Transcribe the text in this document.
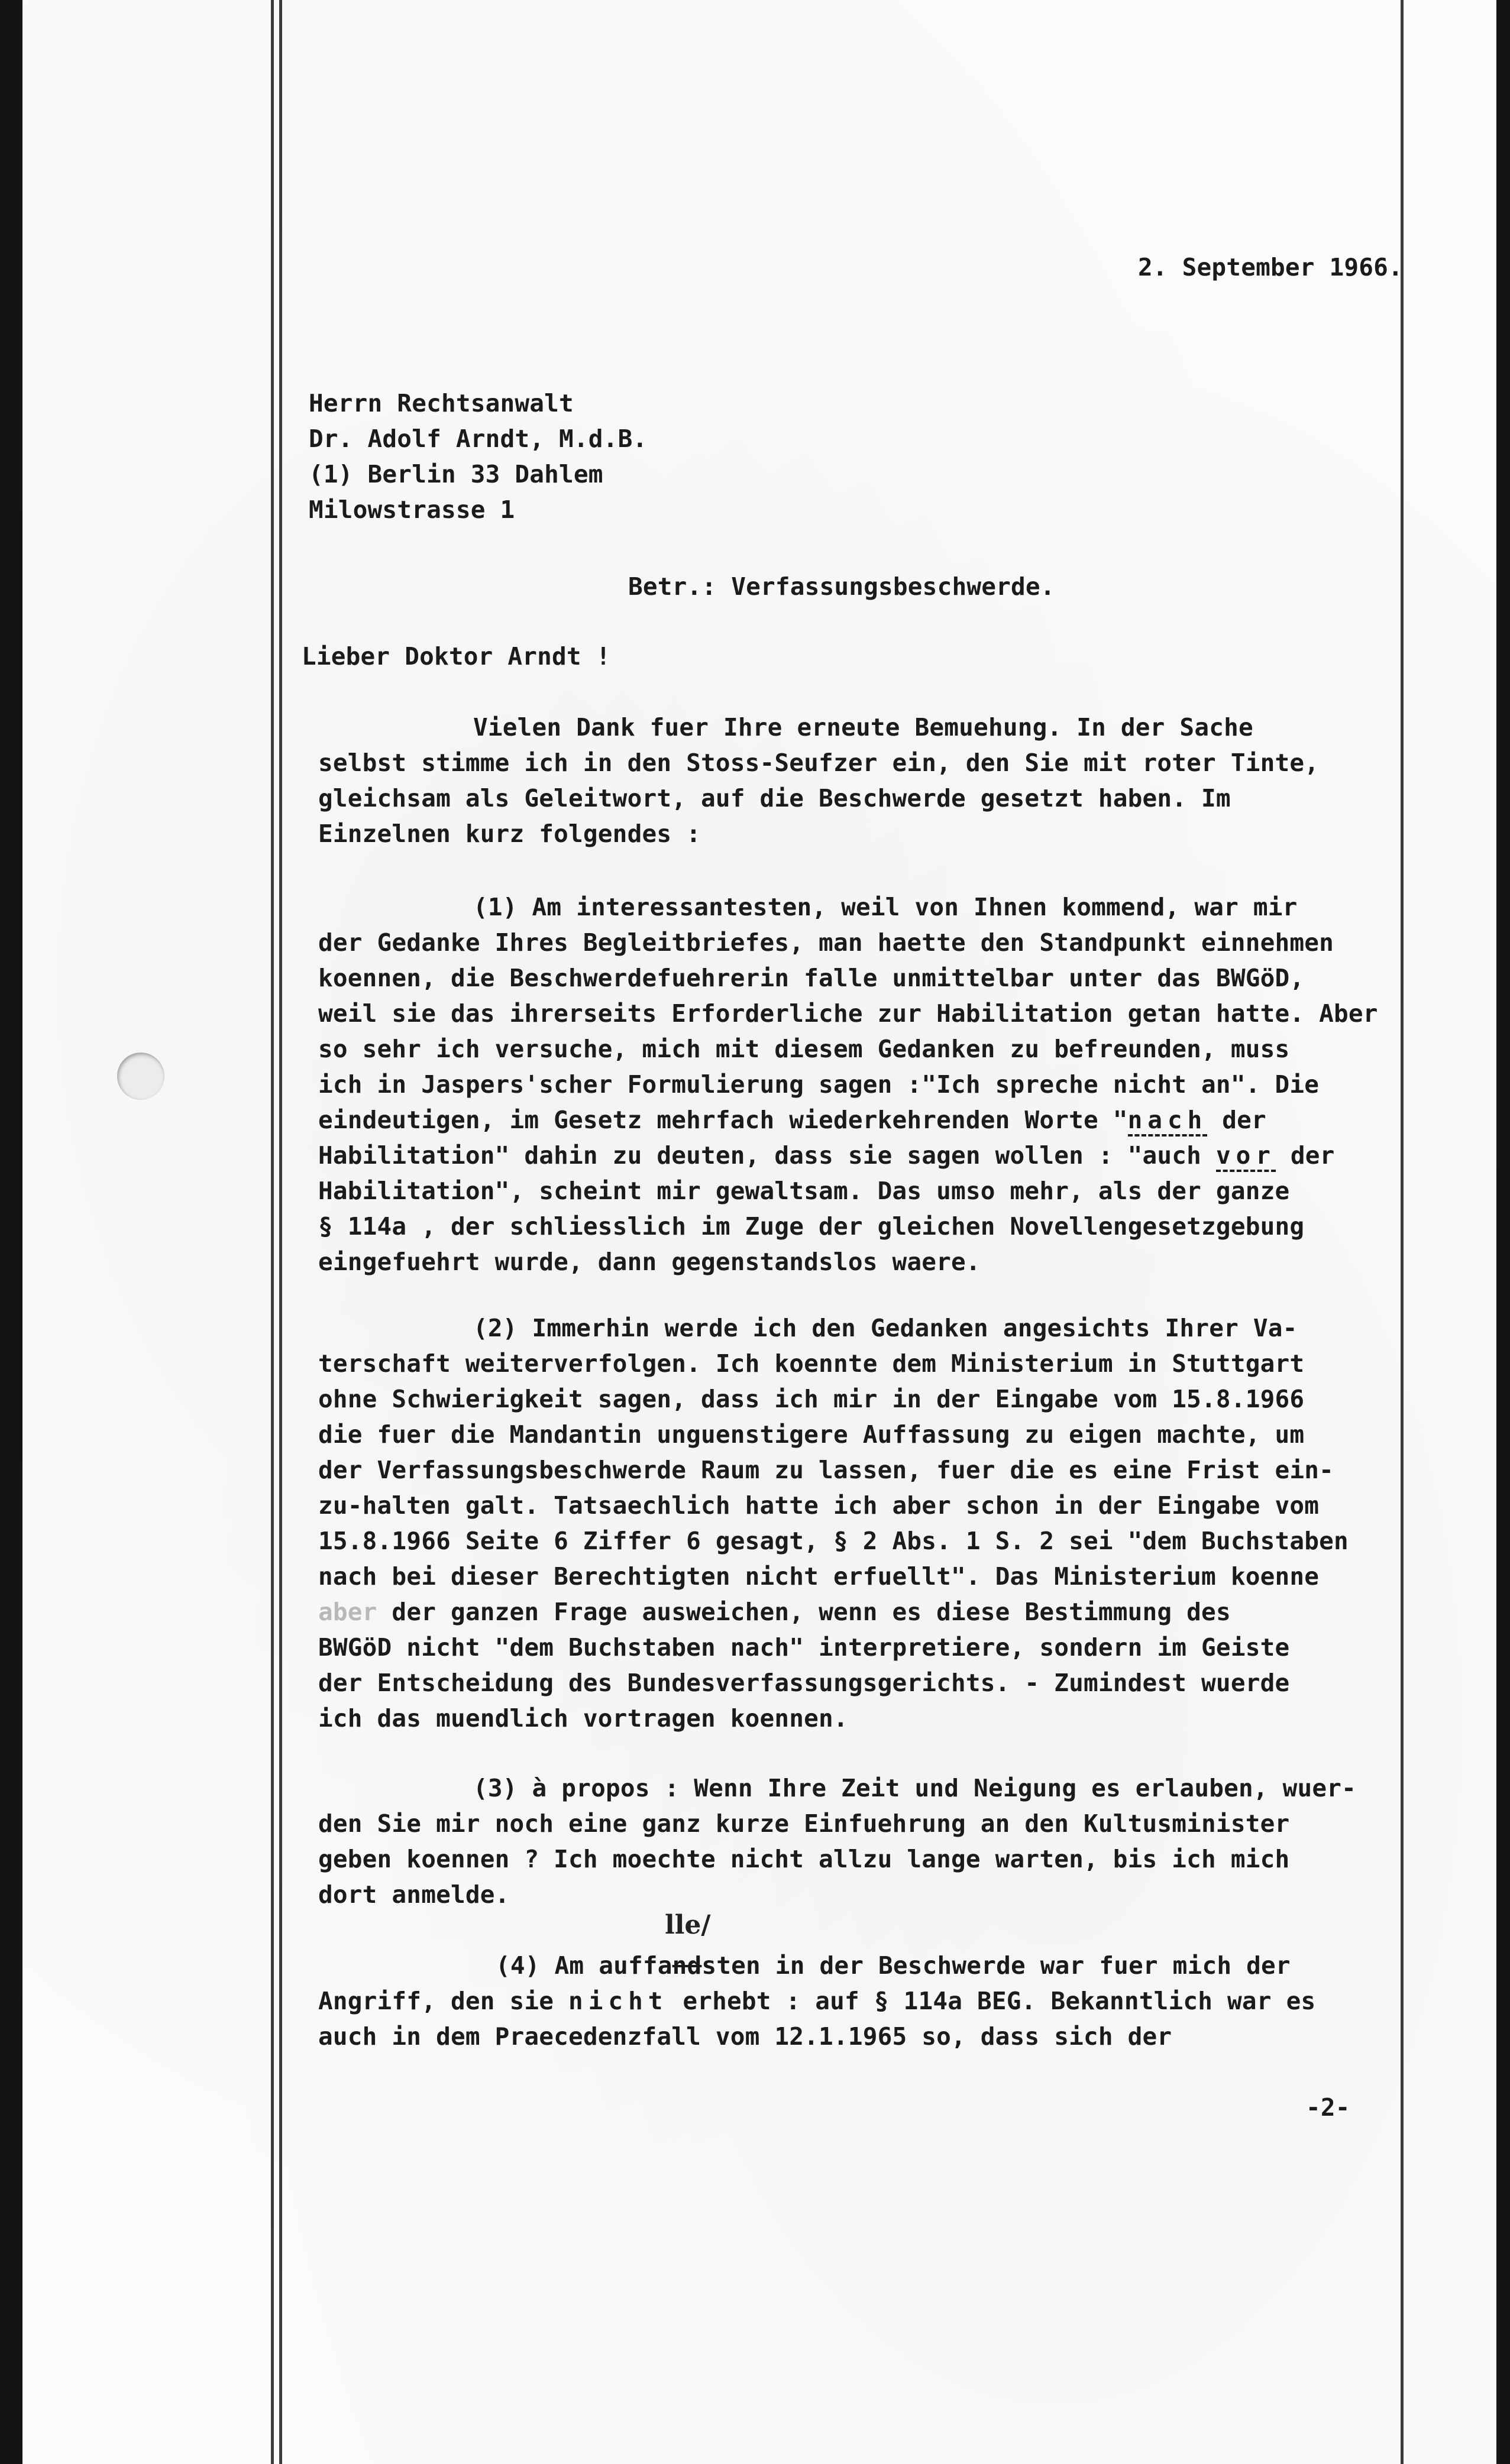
2. September 1966.

Herrn Rechtsanwalt

Dr. Adolf Arndt, M.d.B.

(1) Berlin 33 Dahlem

Milowstrasse 1

Betr.: Verfassungsbeschwerde.
Lieber Doktor Arndt !
Vielen Dank fuer Ihre erneute Bemuehung. In der Sache

selbst stimme ich in den Stoss-Seufzer ein, den Sie mit roter Tinte,

gleichsam als Geleitwort, auf die Beschwerde gesetzt haben. Im

Einzelnen kurz folgendes :

(1) Am interessantesten, weil von Ihnen kommend, war mir

der Gedanke Ihres Begleitbriefes, man haette den Standpunkt einnehmen

koennen, die Beschwerdefuehrerin falle unmittelbar unter das BWGöD,

weil sie das ihrerseits Erforderliche zur Habilitation getan hatte. Aber

so sehr ich versuche, mich mit diesem Gedanken zu befreunden, muss

ich in Jaspers'scher Formulierung sagen :"Ich spreche nicht an". Die

eindeutigen, im Gesetz mehrfach wiederkehrenden Worte "nach der

Habilitation" dahin zu deuten, dass sie sagen wollen : "auch vor der

Habilitation", scheint mir gewaltsam. Das umso mehr, als der ganze

§ 114a , der schliesslich im Zuge der gleichen Novellengesetzgebung

eingefuehrt wurde, dann gegenstandslos waere.

(2) Immerhin werde ich den Gedanken angesichts Ihrer Va-

terschaft weiterverfolgen. Ich koennte dem Ministerium in Stuttgart

ohne Schwierigkeit sagen, dass ich mir in der Eingabe vom 15.8.1966

die fuer die Mandantin unguenstigere Auffassung zu eigen machte, um

der Verfassungsbeschwerde Raum zu lassen, fuer die es eine Frist ein-

zu-halten galt. Tatsaechlich hatte ich aber schon in der Eingabe vom

15.8.1966 Seite 6 Ziffer 6 gesagt, § 2 Abs. 1 S. 2 sei "dem Buchstaben

nach bei dieser Berechtigten nicht erfuellt". Das Ministerium koenne

aber der ganzen Frage ausweichen, wenn es diese Bestimmung des

BWGöD nicht "dem Buchstaben nach" interpretiere, sondern im Geiste

der Entscheidung des Bundesverfassungsgerichts. - Zumindest wuerde

ich das muendlich vortragen koennen.

(3) à propos : Wenn Ihre Zeit und Neigung es erlauben, wuer-

den Sie mir noch eine ganz kurze Einfuehrung an den Kultusminister

geben koennen ? Ich moechte nicht allzu lange warten, bis ich mich

dort anmelde.

lle/
(4) Am auffandsten in der Beschwerde war fuer mich der

Angriff, den sie nicht erhebt : auf § 114a BEG. Bekanntlich war es

auch in dem Praecedenzfall vom 12.1.1965 so, dass sich der

-2-
